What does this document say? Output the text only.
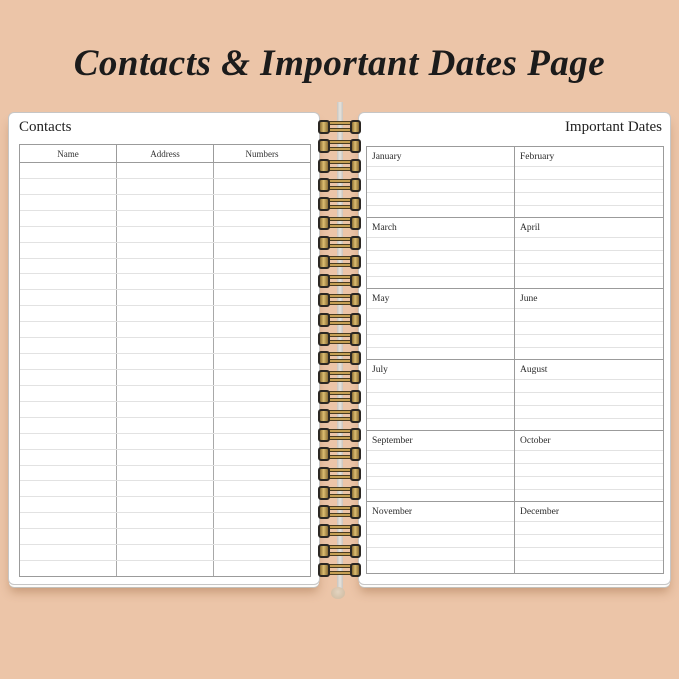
Contacts & Important Dates Page
Contacts
Name	Address	Numbers
Important Dates
January	February
March	April
May	June
July	August
September	October
November	December
